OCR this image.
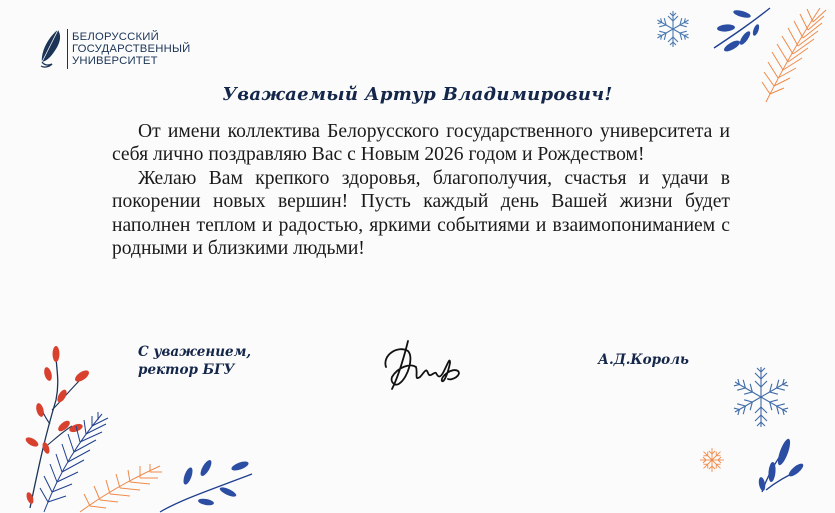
БЕЛОРУССКИЙ
ГОСУДАРСТВЕННЫЙ
УНИВЕРСИТЕТ
Уважаемый Артур Владимирович!

От имени коллектива Белорусского государственного университета и себя лично поздравляю Вас с Новым 2026 годом и Рождеством!

Желаю Вам крепкого здоровья, благополучия, счастья и удачи в покорении новых вершин! Пусть каждый день Вашей жизни будет наполнен теплом и радостью, яркими событиями и взаимопониманием с родными и близкими людьми!

С уважением,
ректор БГУ
А.Д.Король
